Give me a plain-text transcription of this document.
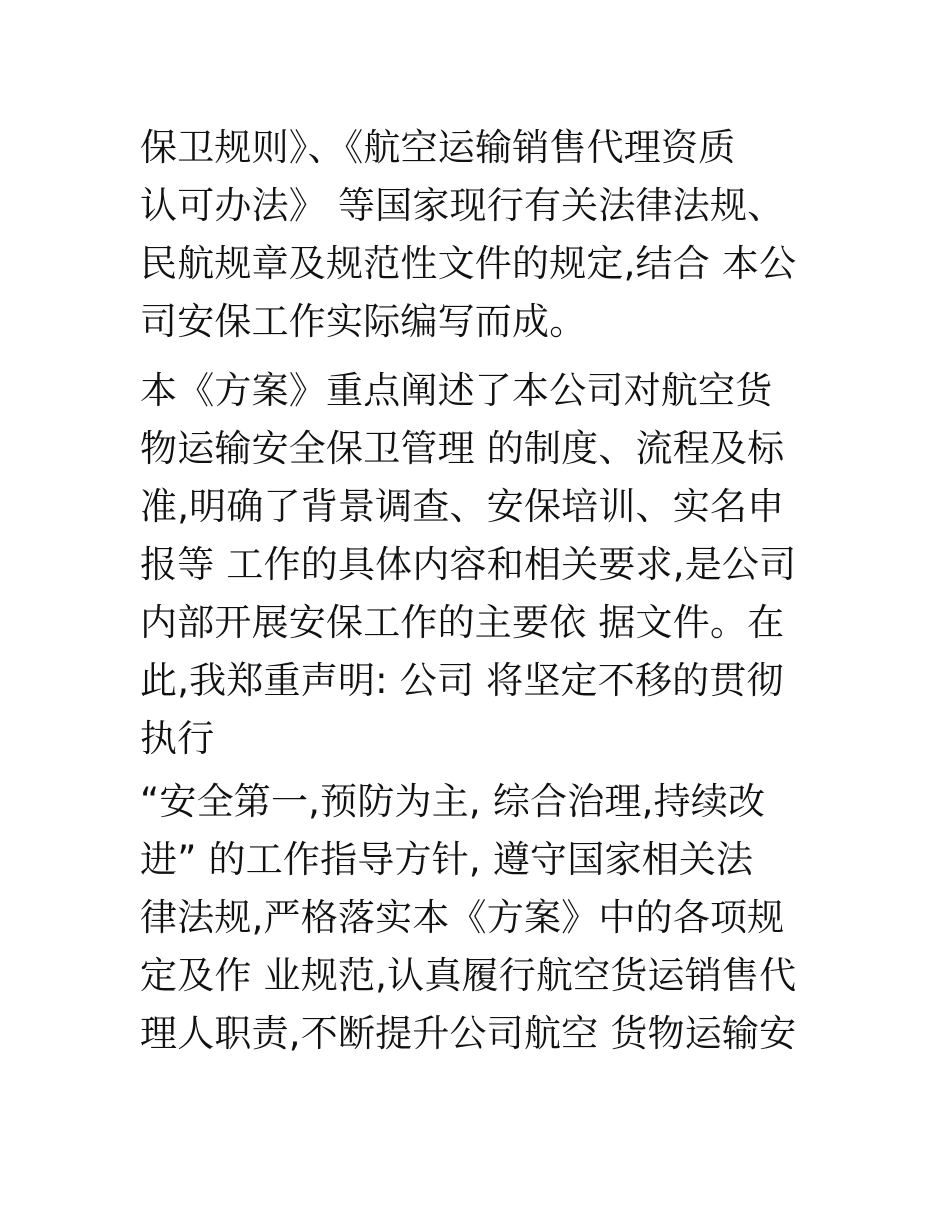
保卫规则》、《航空运输销售代理资质
认可办法》 等国家现行有关法律法规、
民航规章及规范性文件的规定,结合 本公
司安保工作实际编写而成。
本《方案》重点阐述了本公司对航空货
物运输安全保卫管理 的制度、流程及标
准,明确了背景调查、安保培训、实名申
报等 工作的具体内容和相关要求,是公司
内部开展安保工作的主要依 据文件。在
此,我郑重声明: 公司 将坚定不移的贯彻
执行
“安全第一,预防为主, 综合治理,持续改
进” 的工作指导方针, 遵守国家相关法
律法规,严格落实本《方案》中的各项规
定及作 业规范,认真履行航空货运销售代
理人职责,不断提升公司航空 货物运输安
